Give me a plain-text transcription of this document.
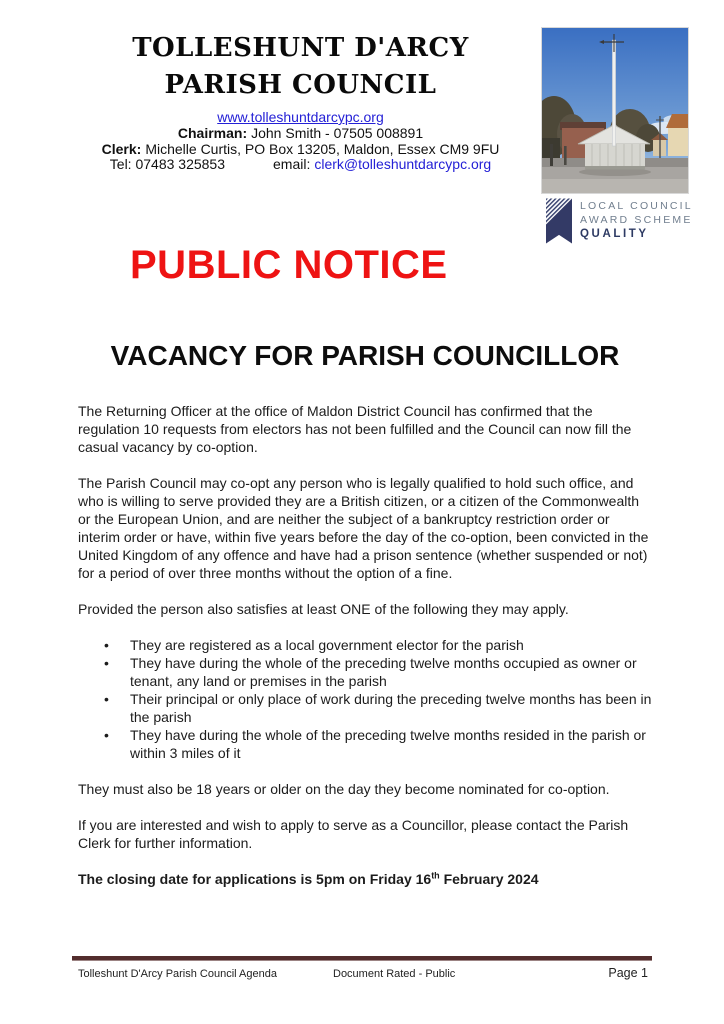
TOLLESHUNT D'ARCY
PARISH COUNCIL
www.tolleshuntdarcypc.org
Chairman: John Smith - 07505 008891
Clerk: Michelle Curtis, PO Box 13205, Maldon, Essex CM9 9FU
Tel: 07483 325853	email: clerk@tolleshuntdarcypc.org
LOCAL COUNCIL
AWARD SCHEME
QUALITY
PUBLIC NOTICE
VACANCY FOR PARISH COUNCILLOR

The Returning Officer at the office of Maldon District Council has confirmed that the regulation 10 requests from electors has not been fulfilled and the Council can now fill the casual vacancy by co-option.

The Parish Council may co-opt any person who is legally qualified to hold such office, and who is willing to serve provided they are a British citizen, or a citizen of the Commonwealth or the European Union, and are neither the subject of a bankruptcy restriction order or interim order or have, within five years before the day of the co-option, been convicted in the United Kingdom of any offence and have had a prison sentence (whether suspended or not) for a period of over three months without the option of a fine.

Provided the person also satisfies at least ONE of the following they may apply.

• They are registered as a local government elector for the parish
• They have during the whole of the preceding twelve months occupied as owner or tenant, any land or premises in the parish
• Their principal or only place of work during the preceding twelve months has been in the parish
• They have during the whole of the preceding twelve months resided in the parish or within 3 miles of it

They must also be 18 years or older on the day they become nominated for co-option.

If you are interested and wish to apply to serve as a Councillor, please contact the Parish Clerk for further information.

The closing date for applications is 5pm on Friday 16th February 2024

Tolleshunt D'Arcy Parish Council Agenda	Document Rated - Public	Page 1
